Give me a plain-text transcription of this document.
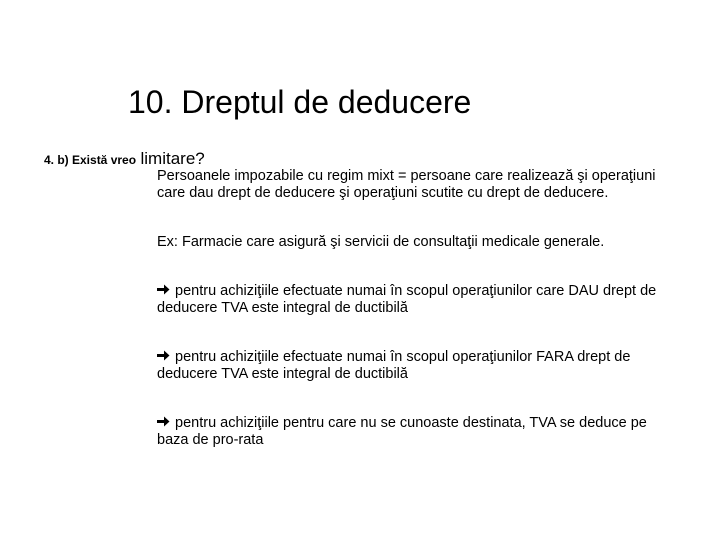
10. Dreptul de deducere
4. b) Există vreo limitare?

Persoanele impozabile cu regim mixt = persoane care realizează şi operaţiuni care dau drept de deducere şi operaţiuni scutite cu drept de deducere.

Ex: Farmacie care asigură şi servicii de consultaţii medicale generale.

pentru achiziţiile efectuate numai în scopul operaţiunilor care DAU drept de deducere TVA este integral de ductibilă

pentru achiziţiile efectuate numai în scopul operaţiunilor FARA drept de deducere TVA este integral de ductibilă

pentru achiziţiile pentru care nu se cunoaste destinata, TVA se deduce pe baza de pro-rata
